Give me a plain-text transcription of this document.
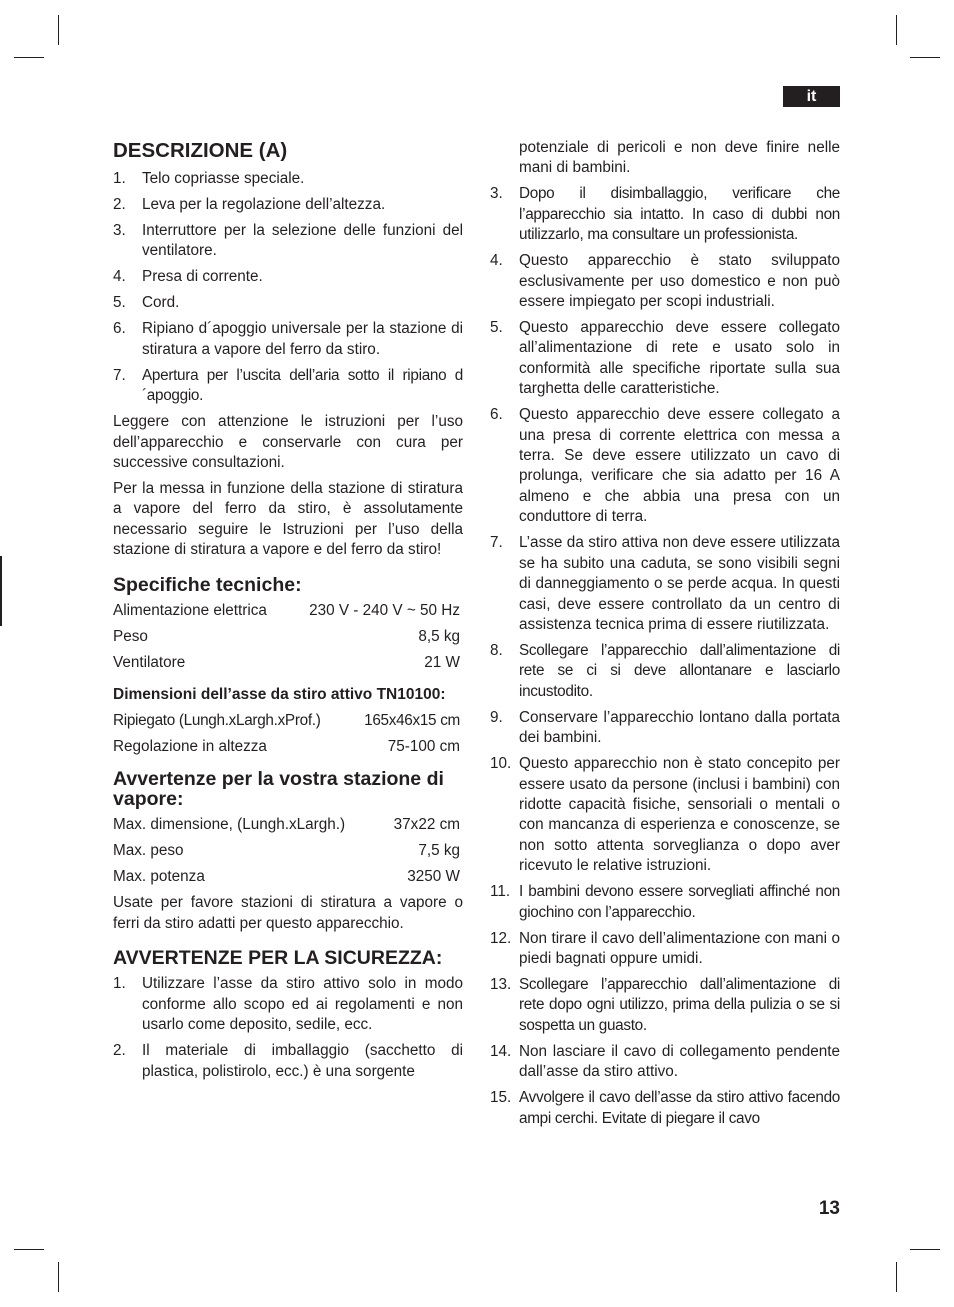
it
DESCRIZIONE (A)
1.	Telo copriasse speciale.
2.	Leva per la regolazione dell’altezza.
3.	Interruttore per la selezione delle funzioni del ventilatore.
4.	Presa di corrente.
5.	Cord.
6.	Ripiano d´apoggio universale per la stazione di stiratura a vapore del ferro da stiro.
7.	Apertura per l’uscita dell’aria sotto il ripiano d´apoggio.

Leggere con attenzione le istruzioni per l’uso dell’apparecchio e conservarle con cura per successive consultazioni.

Per la messa in funzione della stazione di stiratura a vapore del ferro da stiro, è assolutamente necessario seguire le Istruzioni per l’uso della stazione di stiratura a vapore e del ferro da stiro!

Specifiche tecniche:
Alimentazione elettrica	230 V - 240 V ~ 50 Hz
Peso	8,5 kg
Ventilatore	21 W
Dimensioni dell’asse da stiro attivo TN10100:
Ripiegato (Lungh.xLargh.xProf.)	165x46x15 cm
Regolazione in altezza	75-100 cm
Avvertenze per la vostra stazione di vapore:
Max. dimensione, (Lungh.xLargh.)	37x22 cm
Max. peso	7,5 kg
Max. potenza	3250 W

Usate per favore stazioni di stiratura a vapore o ferri da stiro adatti per questo apparecchio.

AVVERTENZE PER LA SICUREZZA:
1.	Utilizzare l’asse da stiro attivo solo in modo conforme allo scopo ed ai regolamenti e non usarlo come deposito, sedile, ecc.
2.	Il materiale di imballaggio (sacchetto di plastica, polistirolo, ecc.) è una sorgente
potenziale di pericoli e non deve finire nelle mani di bambini.
3.	Dopo il disimballaggio, verificare che l’apparecchio sia intatto. In caso di dubbi non utilizzarlo, ma consultare un professionista.
4.	Questo apparecchio è stato sviluppato esclusivamente per uso domestico e non può essere impiegato per scopi industriali.
5.	Questo apparecchio deve essere collegato all’alimentazione di rete e usato solo in conformità alle specifiche riportate sulla sua targhetta delle caratteristiche.
6.	Questo apparecchio deve essere collegato a una presa di corrente elettrica con messa a terra. Se deve essere utilizzato un cavo di prolunga, verificare che sia adatto per 16 A almeno e che abbia una presa con un conduttore di terra.
7.	L’asse da stiro attiva non deve essere utilizzata se ha subito una caduta, se sono visibili segni di danneggiamento o se perde acqua. In questi casi, deve essere controllato da un centro di assistenza tecnica prima di essere riutilizzata.
8.	Scollegare l’apparecchio dall’alimentazione di rete se ci si deve allontanare e lasciarlo incustodito.
9.	Conservare l’apparecchio lontano dalla portata dei bambini.
10. Questo apparecchio non è stato concepito per essere usato da persone (inclusi i bambini) con ridotte capacità fisiche, sensoriali o mentali o con mancanza di esperienza e conoscenze, se non sotto attenta sorveglianza o dopo aver ricevuto le relative istruzioni.
11. I bambini devono essere sorvegliati affinché non giochino con l’apparecchio.
12. Non tirare il cavo dell’alimentazione con mani o piedi bagnati oppure umidi.
13. Scollegare l’apparecchio dall’alimentazione di rete dopo ogni utilizzo, prima della pulizia o se si sospetta un guasto.
14. Non lasciare il cavo di collegamento pendente dall’asse da stiro attivo.
15. Avvolgere il cavo dell’asse da stiro attivo facendo ampi cerchi. Evitate di piegare il cavo
13
